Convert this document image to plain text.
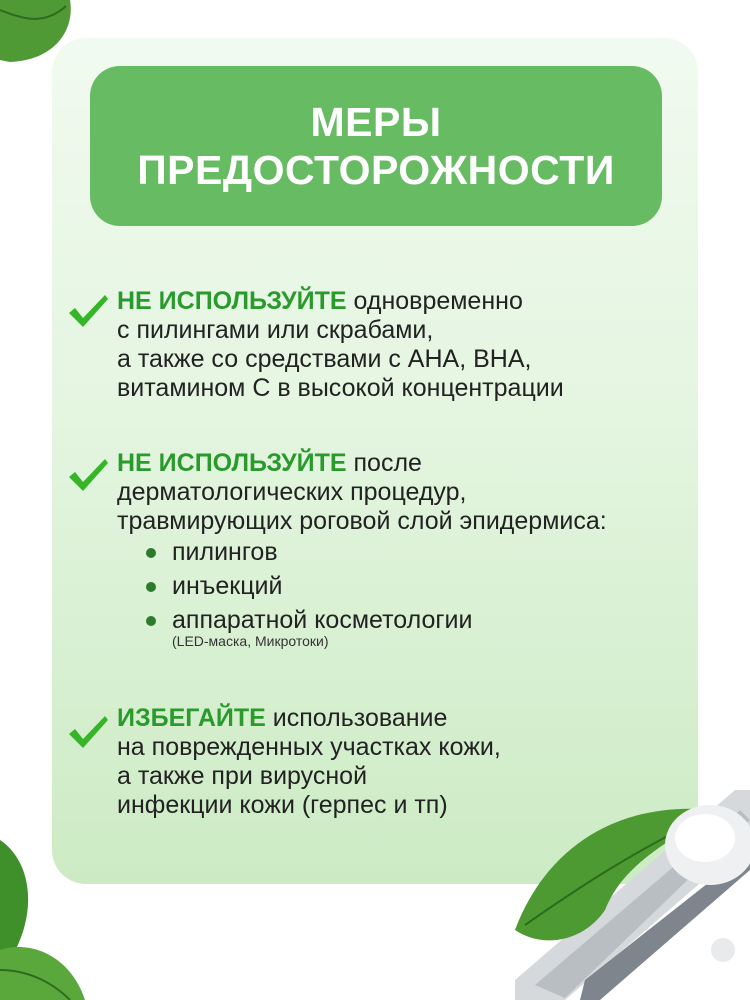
МЕРЫ
ПРЕДОСТОРОЖНОСТИ
НЕ ИСПОЛЬЗУЙТЕ одновременно
с пилингами или скрабами,
а также со средствами с АНА, ВНА,
витамином С в высокой концентрации
НЕ ИСПОЛЬЗУЙТЕ после
дерматологических процедур,
травмирующих роговой слой эпидермиса:
пилингов
инъекций
аппаратной косметологии
(LED-маска, Микротоки)
ИЗБЕГАЙТЕ использование
на поврежденных участках кожи,
а также при вирусной
инфекции кожи (герпес и тп)
